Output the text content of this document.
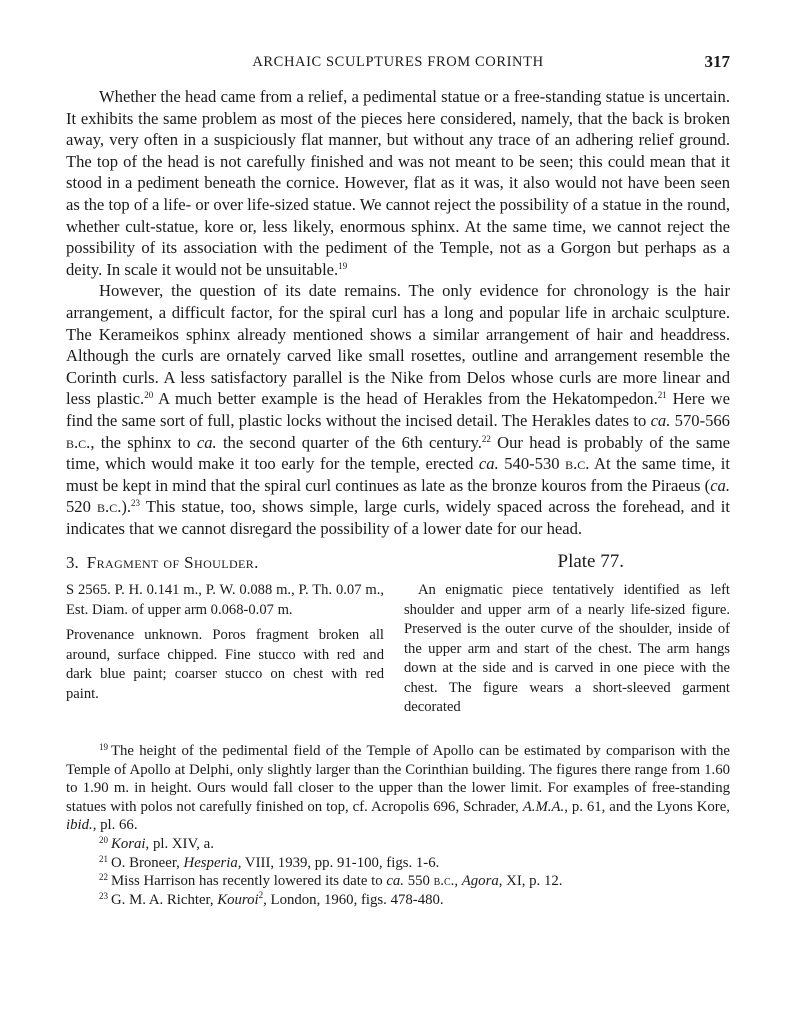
ARCHAIC SCULPTURES FROM CORINTH	317

Whether the head came from a relief, a pedimental statue or a free-standing statue is uncertain. It exhibits the same problem as most of the pieces here considered, namely, that the back is broken away, very often in a suspiciously flat manner, but without any trace of an adhering relief ground. The top of the head is not carefully finished and was not meant to be seen; this could mean that it stood in a pediment beneath the cornice. However, flat as it was, it also would not have been seen as the top of a life- or over life-sized statue. We cannot reject the possibility of a statue in the round, whether cult-statue, kore or, less likely, enormous sphinx. At the same time, we cannot reject the possibility of its association with the pediment of the Temple, not as a Gorgon but perhaps as a deity. In scale it would not be unsuitable.$^{19}$

However, the question of its date remains. The only evidence for chronology is the hair arrangement, a difficult factor, for the spiral curl has a long and popular life in archaic sculpture. The Kerameikos sphinx already mentioned shows a similar arrangement of hair and headdress. Although the curls are ornately carved like small rosettes, outline and arrangement resemble the Corinth curls. A less satisfactory parallel is the Nike from Delos whose curls are more linear and less plastic.$^{20}$ A much better example is the head of Herakles from the Hekatompedon.$^{21}$ Here we find the same sort of full, plastic locks without the incised detail. The Herakles dates to ca. 570-566 b.c., the sphinx to ca. the second quarter of the 6th century.$^{22}$ Our head is probably of the same time, which would make it too early for the temple, erected ca. 540-530 b.c. At the same time, it must be kept in mind that the spiral curl continues as late as the bronze kouros from the Piraeus (ca. 520 b.c.).$^{23}$ This statue, too, shows simple, large curls, widely spaced across the forehead, and it indicates that we cannot disregard the possibility of a lower date for our head.

3. Fragment of Shoulder.	Plate 77.

S 2565. P. H. 0.141 m., P. W. 0.088 m., P. Th. 0.07 m., Est. Diam. of upper arm 0.068-0.07 m.

Provenance unknown. Poros fragment broken all around, surface chipped. Fine stucco with red and dark blue paint; coarser stucco on chest with red paint.

An enigmatic piece tentatively identified as left shoulder and upper arm of a nearly life-sized figure. Preserved is the outer curve of the shoulder, inside of the upper arm and start of the chest. The arm hangs down at the side and is carved in one piece with the chest. The figure wears a short-sleeved garment decorated

$^{19}$ The height of the pedimental field of the Temple of Apollo can be estimated by comparison with the Temple of Apollo at Delphi, only slightly larger than the Corinthian building. The figures there range from 1.60 to 1.90 m. in height. Ours would fall closer to the upper than the lower limit. For examples of free-standing statues with polos not carefully finished on top, cf. Acropolis 696, Schrader, A.M.A., p. 61, and the Lyons Kore, ibid., pl. 66.

$^{20}$ Korai, pl. XIV, a.

$^{21}$ O. Broneer, Hesperia, VIII, 1939, pp. 91-100, figs. 1-6.

$^{22}$ Miss Harrison has recently lowered its date to ca. 550 b.c., Agora, XI, p. 12.

$^{23}$ G. M. A. Richter, Kouroi$^2$, London, 1960, figs. 478-480.
